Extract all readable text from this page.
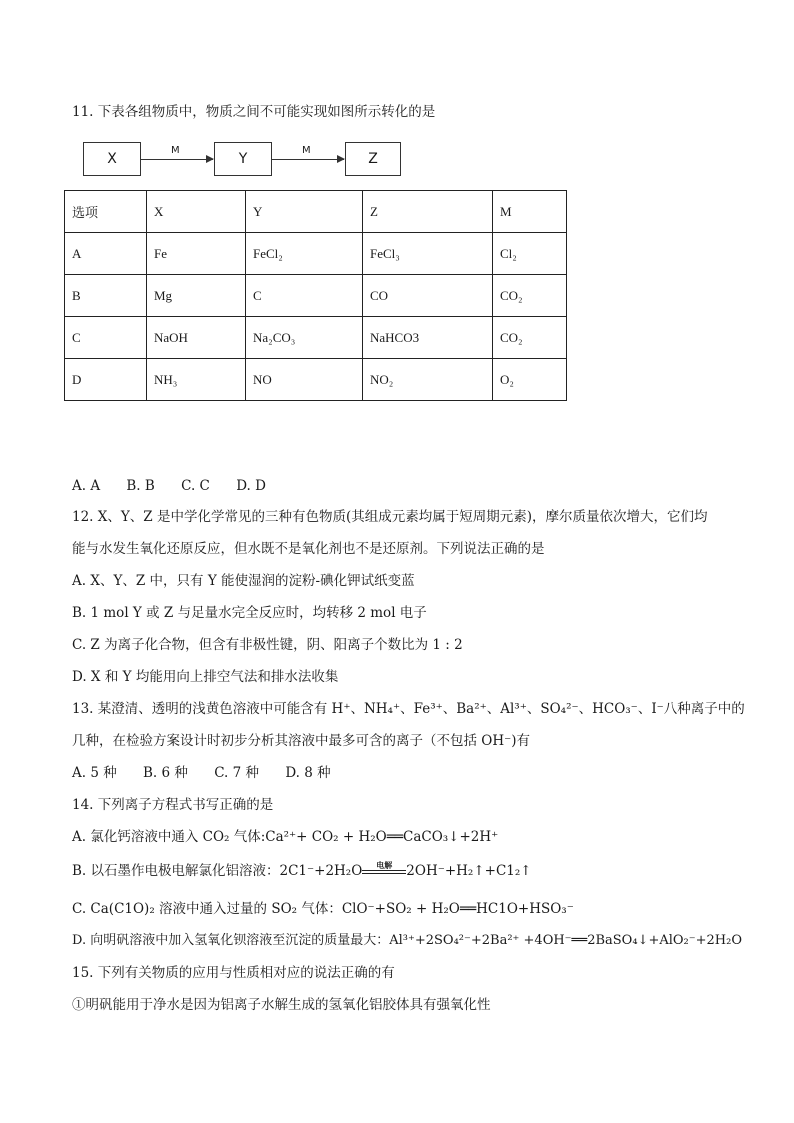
11. 下表各组物质中，物质之间不可能实现如图所示转化的是
X
M
Y
M
Z
选项	X	Y	Z	M
A	Fe	FeCl₂	FeCl₃	Cl₂
B	Mg	C	CO	CO₂
C	NaOH	Na₂CO₃	NaHCO3	CO₂
D	NH₃	NO	NO₂	O₂
A. A B. B C. C D. D
12. X、Y、Z 是中学化学常见的三种有色物质(其组成元素均属于短周期元素)，摩尔质量依次增大，它们均
能与水发生氧化还原反应，但水既不是氧化剂也不是还原剂。下列说法正确的是
A. X、Y、Z 中，只有 Y 能使湿润的淀粉-碘化钾试纸变蓝
B. 1 mol Y 或 Z 与足量水完全反应时，均转移 2 mol 电子
C. Z 为离子化合物，但含有非极性键，阴、阳离子个数比为 1 : 2
D. X 和 Y 均能用向上排空气法和排水法收集
13. 某澄清、透明的浅黄色溶液中可能含有 H⁺、NH₄⁺、Fe³⁺、Ba²⁺、Al³⁺、SO₄²⁻、HCO₃⁻、I⁻八种离子中的
几种，在检验方案设计时初步分析其溶液中最多可含的离子（不包括 OH⁻)有
A. 5 种 B. 6 种 C. 7 种 D. 8 种
14. 下列离子方程式书写正确的是
A. 氯化钙溶液中通入 CO₂ 气体:Ca²⁺+ CO₂ + H₂O══CaCO₃↓+2H⁺
B. 以石墨作电极电解氯化铝溶液：2C1⁻+2H₂O	电解	2OH⁻+H₂↑+C1₂↑
C. Ca(C1O)₂ 溶液中通入过量的 SO₂ 气体：ClO⁻+SO₂ + H₂O══HC1O+HSO₃⁻
D. 向明矾溶液中加入氢氧化钡溶液至沉淀的质量最大：Al³⁺+2SO₄²⁻+2Ba²⁺ +4OH⁻══2BaSO₄↓+AlO₂⁻+2H₂O
15. 下列有关物质的应用与性质相对应的说法正确的有
①明矾能用于净水是因为铝离子水解生成的氢氧化铝胶体具有强氧化性
